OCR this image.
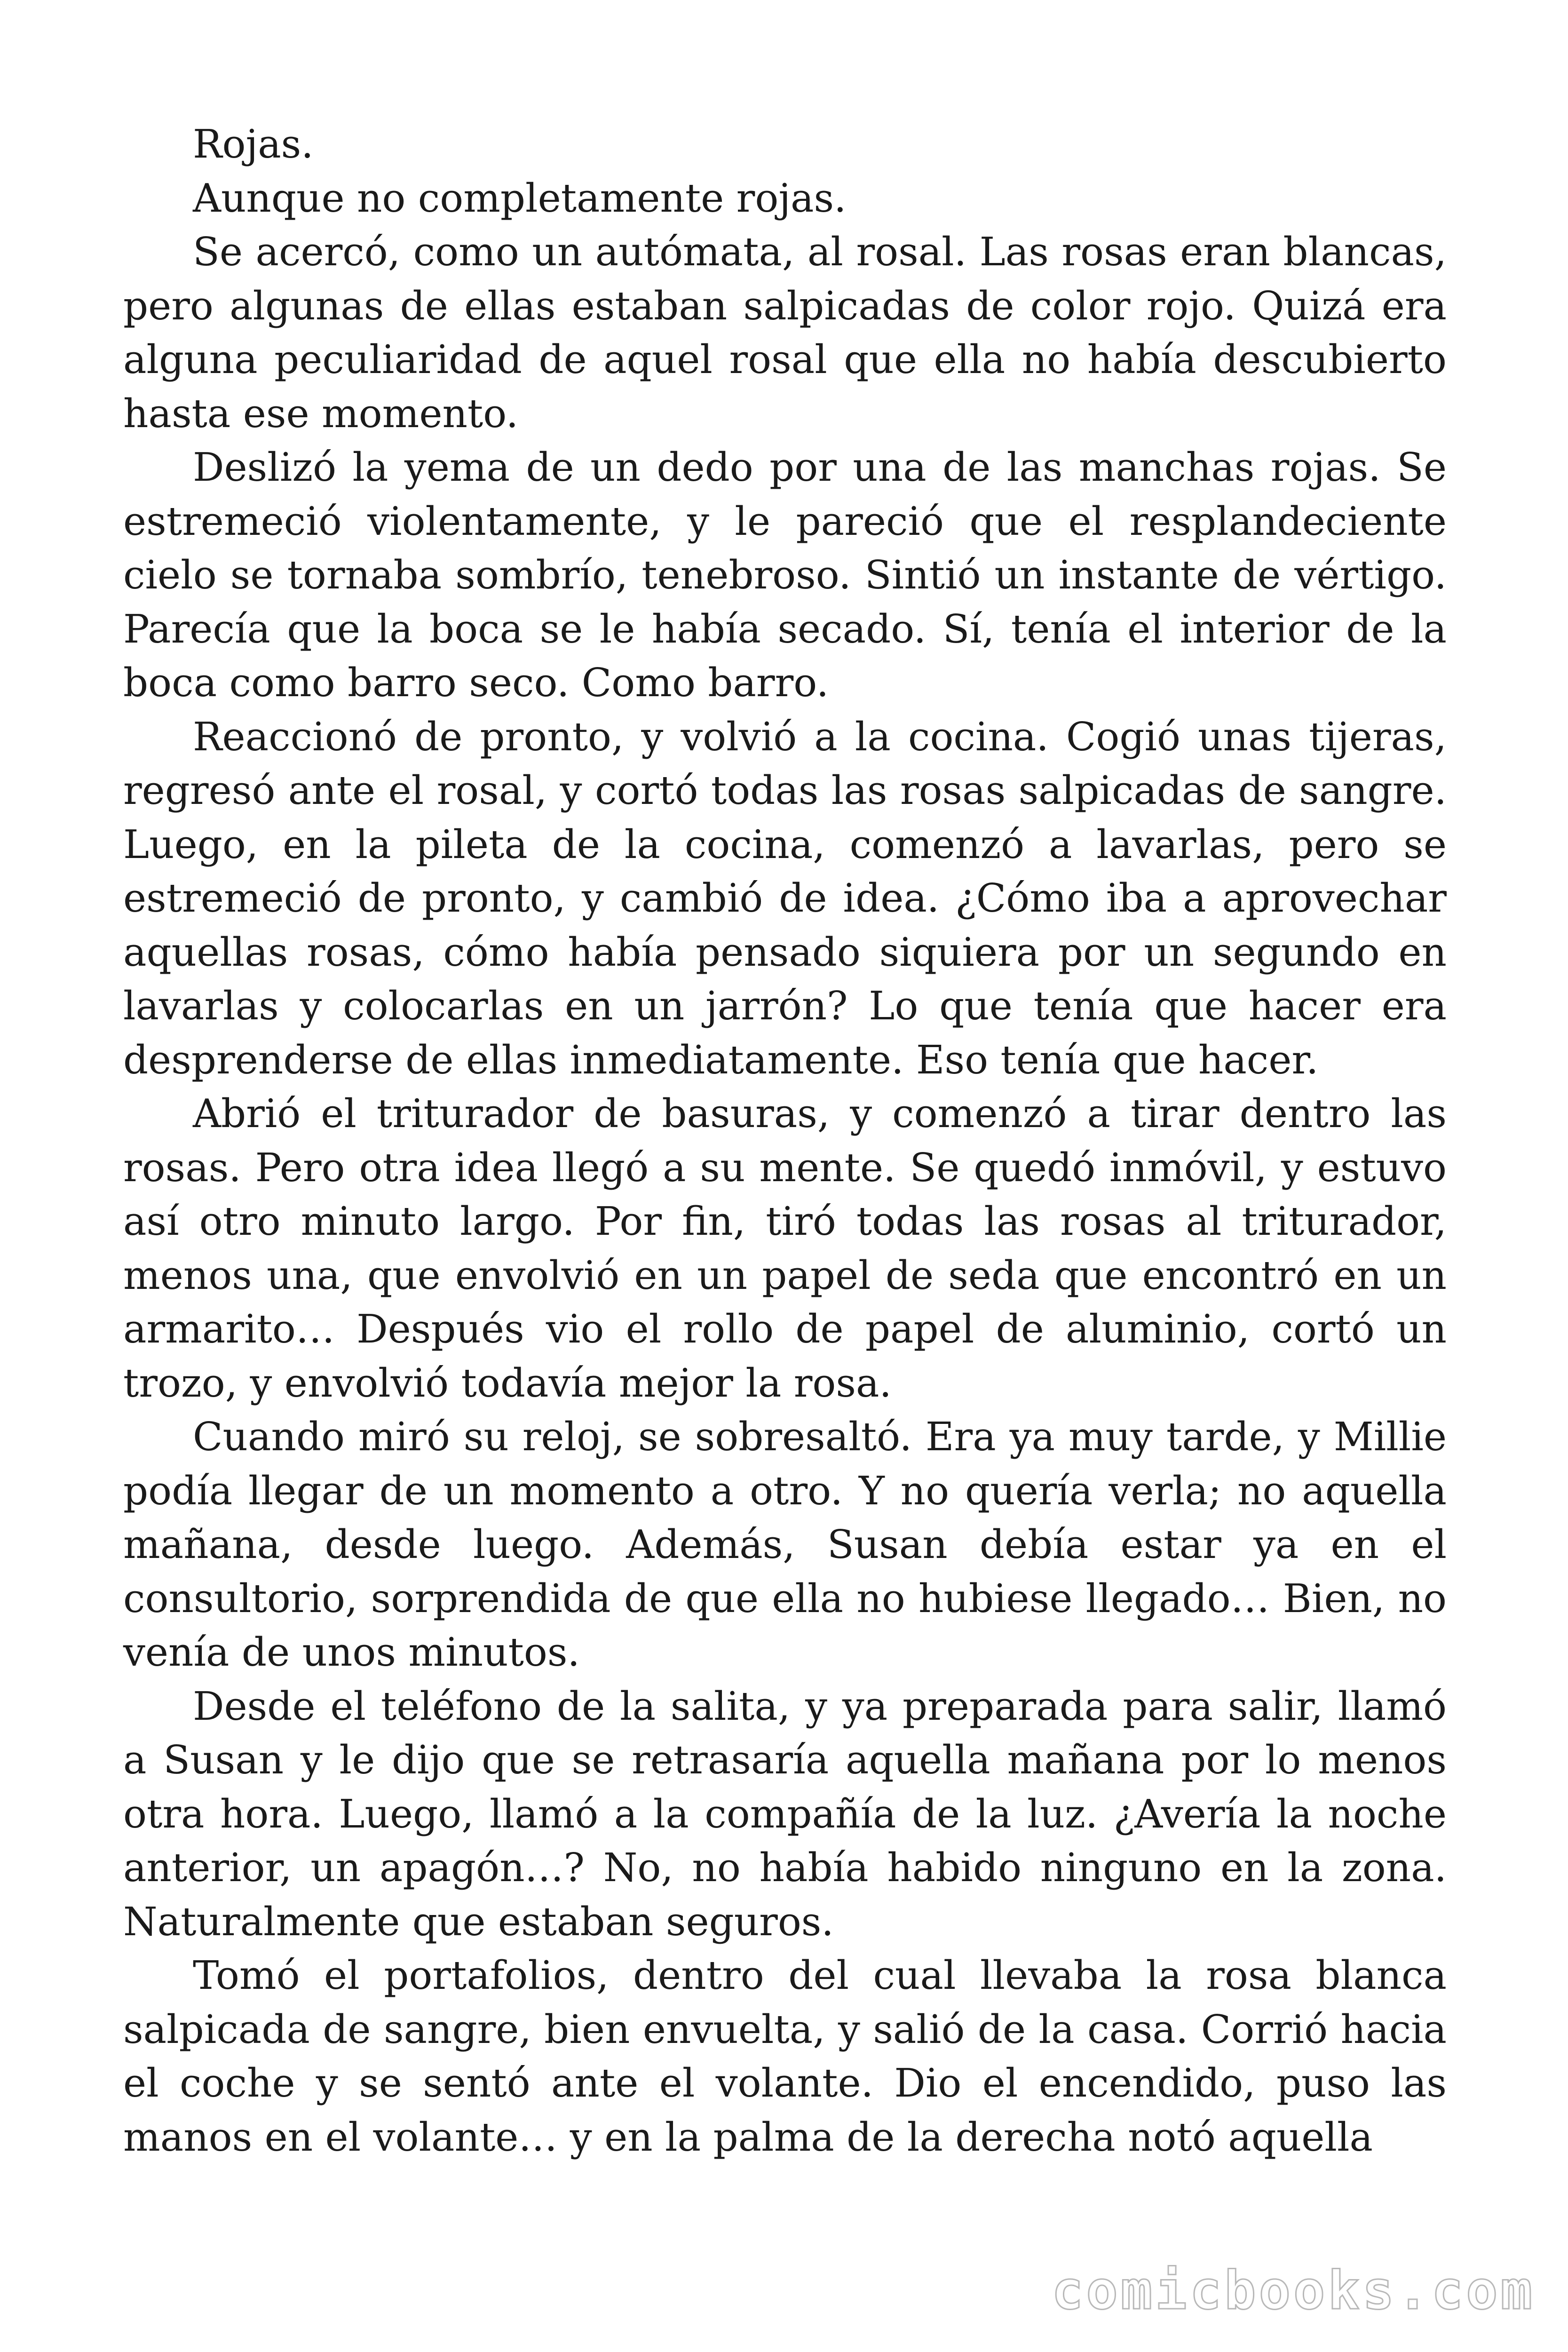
Rojas.

Aunque no completamente rojas.

Se acercó, como un autómata, al rosal. Las rosas eran blancas, pero algunas de ellas estaban salpicadas de color rojo. Quizá era alguna peculiaridad de aquel rosal que ella no había descubierto hasta ese momento.

Deslizó la yema de un dedo por una de las manchas rojas. Se estremeció violentamente, y le pareció que el resplandeciente cielo se tornaba sombrío, tenebroso. Sintió un instante de vértigo. Parecía que la boca se le había secado. Sí, tenía el interior de la boca como barro seco. Como barro.

Reaccionó de pronto, y volvió a la cocina. Cogió unas tijeras, regresó ante el rosal, y cortó todas las rosas salpicadas de sangre. Luego, en la pileta de la cocina, comenzó a lavarlas, pero se estremeció de pronto, y cambió de idea. ¿Cómo iba a aprovechar aquellas rosas, cómo había pensado siquiera por un segundo en lavarlas y colocarlas en un jarrón? Lo que tenía que hacer era desprenderse de ellas inmediatamente. Eso tenía que hacer.

Abrió el triturador de basuras, y comenzó a tirar dentro las rosas. Pero otra idea llegó a su mente. Se quedó inmóvil, y estuvo así otro minuto largo. Por fin, tiró todas las rosas al triturador, menos una, que envolvió en un papel de seda que encontró en un armarito… Después vio el rollo de papel de aluminio, cortó un trozo, y envolvió todavía mejor la rosa.

Cuando miró su reloj, se sobresaltó. Era ya muy tarde, y Millie podía llegar de un momento a otro. Y no quería verla; no aquella mañana, desde luego. Además, Susan debía estar ya en el consultorio, sorprendida de que ella no hubiese llegado… Bien, no venía de unos minutos.

Desde el teléfono de la salita, y ya preparada para salir, llamó a Susan y le dijo que se retrasaría aquella mañana por lo menos otra hora. Luego, llamó a la compañía de la luz. ¿Avería la noche anterior, un apagón…? No, no había habido ninguno en la zona. Naturalmente que estaban seguros.

Tomó el portafolios, dentro del cual llevaba la rosa blanca salpicada de sangre, bien envuelta, y salió de la casa. Corrió hacia el coche y se sentó ante el volante. Dio el encendido, puso las manos en el volante… y en la palma de la derecha notó aquella

comicbooks.com
